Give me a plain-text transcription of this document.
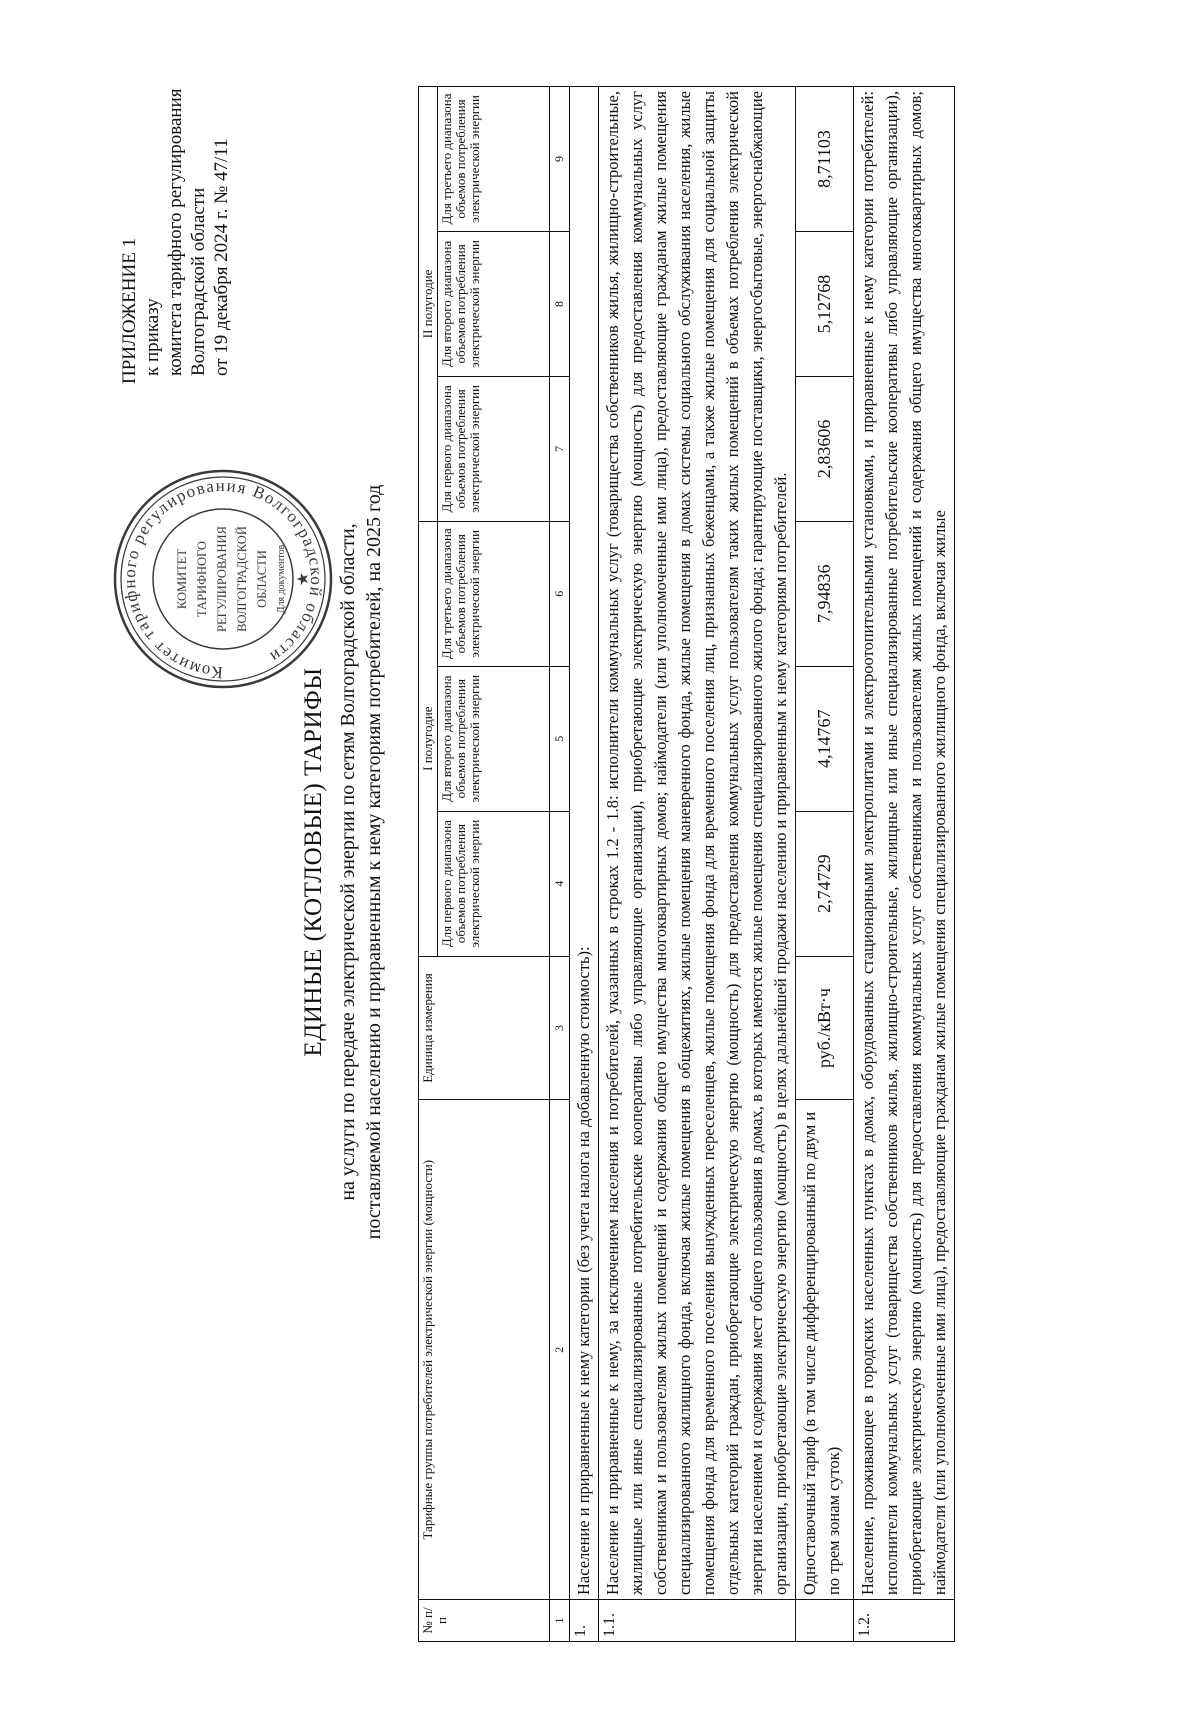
ПРИЛОЖЕНИЕ 1 к приказу комитета тарифного регулирования Волгоградской области от 19 декабря 2024 г. № 47/11
Комитет тарифного регулирования Волгоградской области
КОМИТЕТ ТАРИФНОГО РЕГУЛИРОВАНИЯ ВОЛГОГРАДСКОЙ ОБЛАСТИ Для документов ★
ЕДИНЫЕ (КОТЛОВЫЕ) ТАРИФЫ на услуги по передаче электрической энергии по сетям Волгоградской области, поставляемой населению и приравненным к нему категориям потребителей, на 2025 год
№ п/п	Тарифные группы потребителей электрической энергии (мощности)	Единица измерения	I полугодие			II полугодие		
			Для первого диапазона объемов потребления электрической энергии	Для второго диапазона объемов потребления электрической энергии	Для третьего диапазона объемов потребления электрической энергии	Для первого диапазона объемов потребления электрической энергии	Для второго диапазона объемов потребления электрической энергии	Для третьего диапазона объемов потребления электрической энергии
1	2	3	4	5	6	7	8	9
1.	Население и приравненные к нему категории (без учета налога на добавленную стоимость):							
1.1.	Население и приравненные к нему, за исключением населения и потребителей, указанных в строках 1.2 - 1.8: исполнители коммунальных услуг (товарищества собственников жилья, жилищно-строительные, жилищные или иные специализированные потребительские кооперативы либо управляющие организации), приобретающие электрическую энергию (мощность) для предоставления коммунальных услуг собственникам и пользователям жилых помещений и содержания общего имущества многоквартирных домов; наймодатели (или уполномоченные ими лица), предоставляющие гражданам жилые помещения специализированного жилищного фонда, включая жилые помещения в общежитиях, жилые помещения маневренного фонда, жилые помещения в домах системы социального обслуживания населения, жилые помещения фонда для временного поселения вынужденных переселенцев, жилые помещения фонда для временного поселения лиц, признанных беженцами, а также жилые помещения для социальной защиты отдельных категорий граждан, приобретающие электрическую энергию (мощность) для предоставления коммунальных услуг пользователям таких жилых помещений в объемах потребления электрической энергии населением и содержания мест общего пользования в домах, в которых имеются жилые помещения специализированного жилого фонда; гарантирующие поставщики, энергосбытовые, энергоснабжающие организации, приобретающие электрическую энергию (мощность) в целях дальнейшей продажи населению и приравненным к нему категориям потребителей.							
	Одноставочный тариф (в том числе дифференцированный по двум и по трем зонам суток)	руб./кВт·ч	2,74729	4,14767	7,94836	2,83606	5,12768	8,71103
1.2.	Население, проживающее в городских населенных пунктах в домах, оборудованных стационарными электроплитами и электроотопительными установками, и приравненные к нему категории потребителей: исполнители коммунальных услуг (товарищества собственников жилья, жилищно-строительные, жилищные или иные специализированные потребительские кооперативы либо управляющие организации), приобретающие электрическую энергию (мощность) для предоставления коммунальных услуг собственникам и пользователям жилых помещений и содержания общего имущества многоквартирных домов; наймодатели (или уполномоченные ими лица), предоставляющие гражданам жилые помещения специализированного жилищного фонда, включая жилые							
